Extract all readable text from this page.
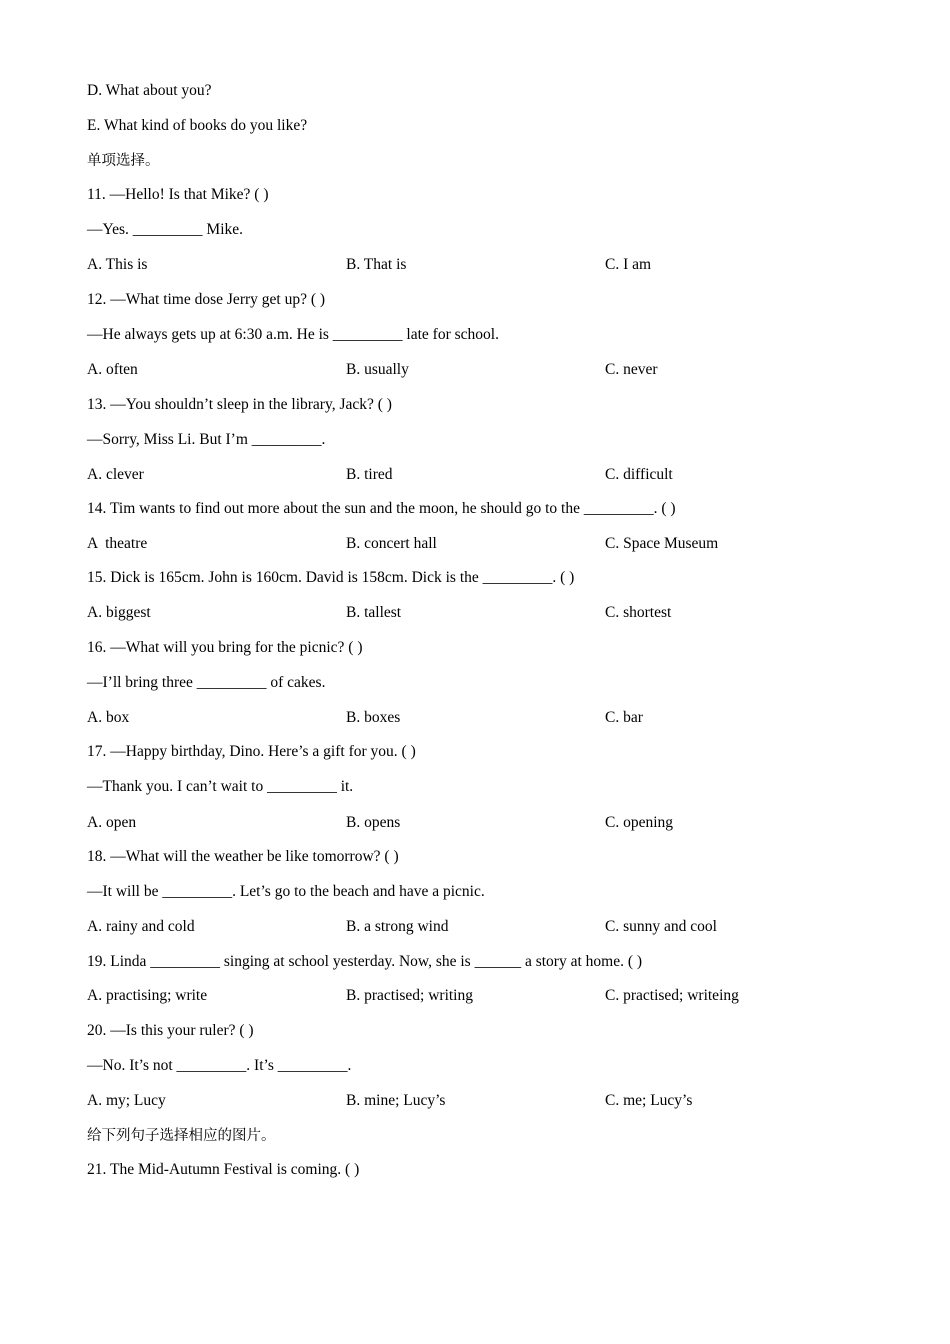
D. What about you?
E. What kind of books do you like?
单项选择。
11. —Hello! Is that Mike? ( )
—Yes. _________ Mike.
A. This is	B. That is	C. I am
12. —What time dose Jerry get up? ( )
—He always gets up at 6:30 a.m. He is _________ late for school.
A. often	B. usually	C. never
13. —You shouldn’t sleep in the library, Jack? ( )
—Sorry, Miss Li. But I’m _________.
A. clever	B. tired	C. difficult
14. Tim wants to find out more about the sun and the moon, he should go to the _________. ( )
A  theatre	B. concert hall	C. Space Museum
15. Dick is 165cm. John is 160cm. David is 158cm. Dick is the _________. ( )
A. biggest	B. tallest	C. shortest
16. —What will you bring for the picnic? ( )
—I’ll bring three _________ of cakes.
A. box	B. boxes	C. bar
17. —Happy birthday, Dino. Here’s a gift for you. ( )
—Thank you. I can’t wait to _________ it.
A. open	B. opens	C. opening
18. —What will the weather be like tomorrow? ( )
—It will be _________. Let’s go to the beach and have a picnic.
A. rainy and cold	B. a strong wind	C. sunny and cool
19. Linda _________ singing at school yesterday. Now, she is ______ a story at home. ( )
A. practising; write	B. practised; writing	C. practised; writeing
20. —Is this your ruler? ( )
—No. It’s not _________. It’s _________.
A. my; Lucy	B. mine; Lucy’s	C. me; Lucy’s
给下列句子选择相应的图片。
21. The Mid-Autumn Festival is coming. ( )
